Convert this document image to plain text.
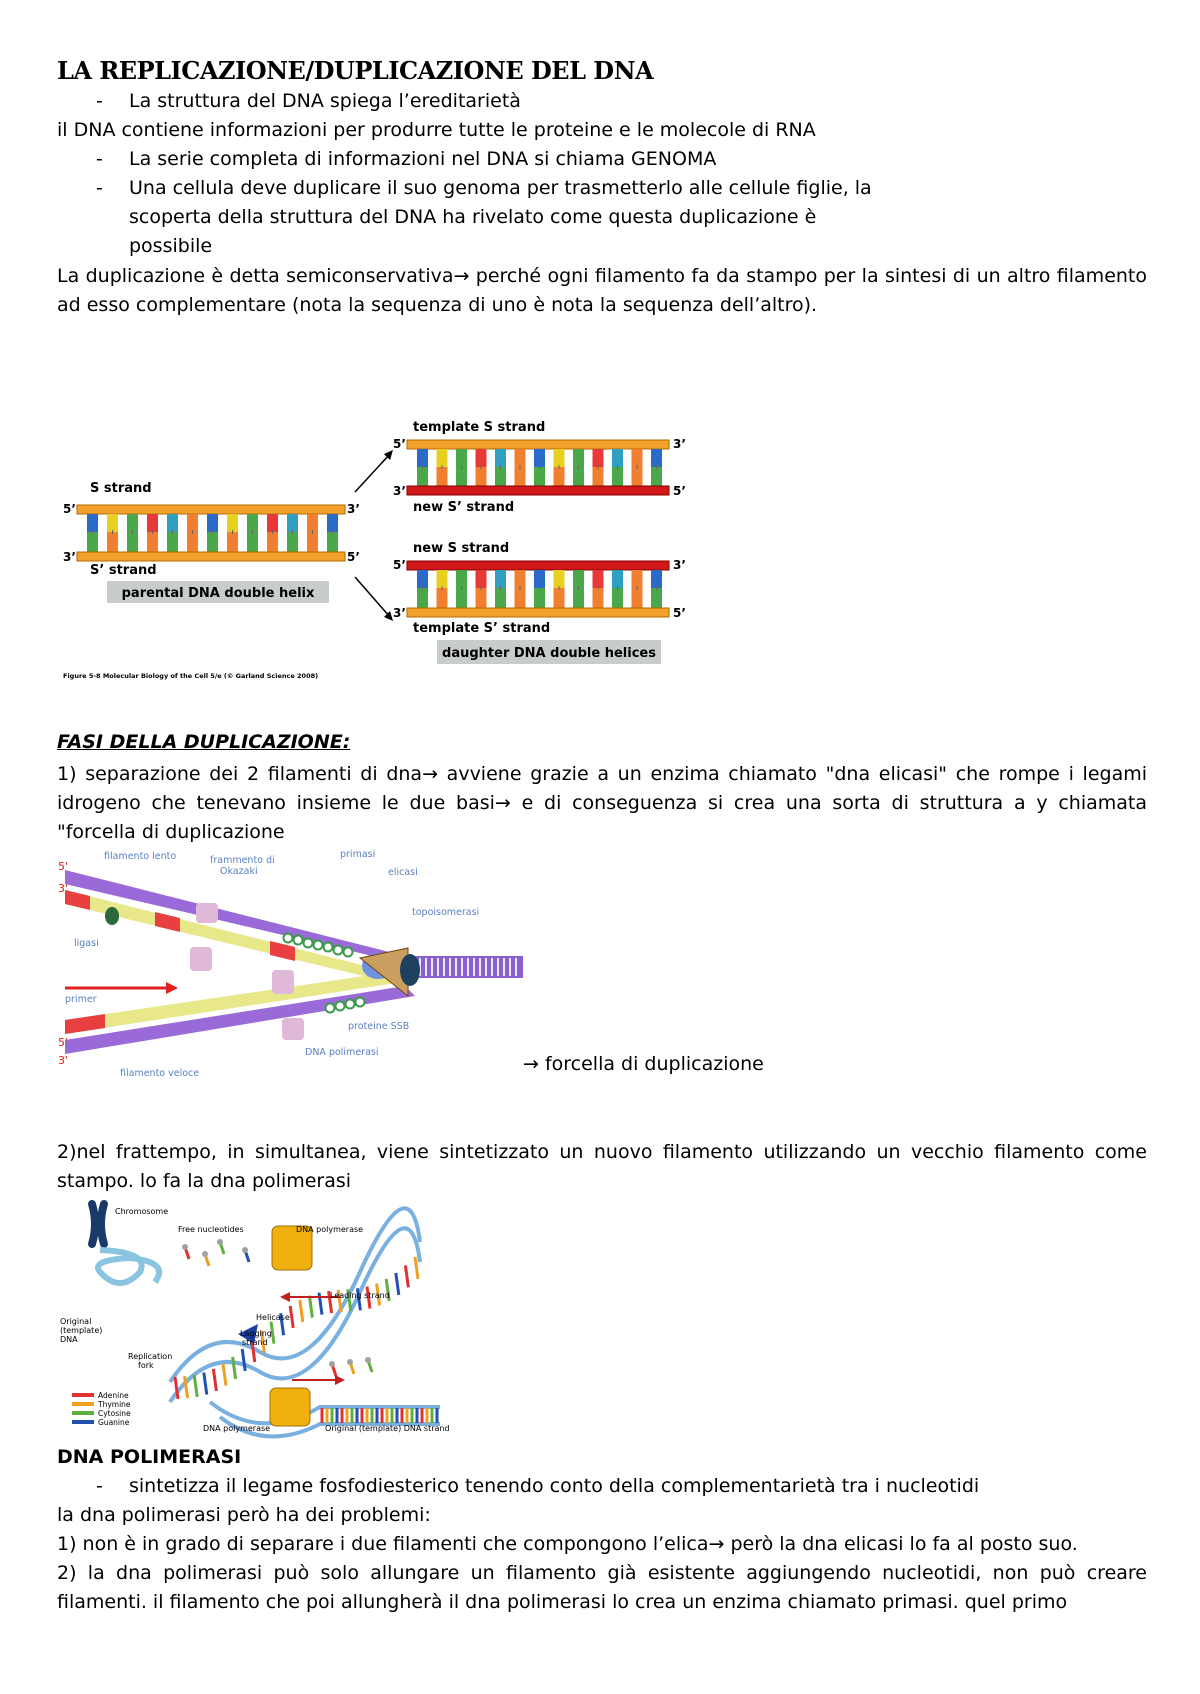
LA REPLICAZIONE/DUPLICAZIONE DEL DNA
- La struttura del DNA spiega l’ereditarietà
il DNA contiene informazioni per produrre tutte le proteine e le molecole di RNA
- La serie completa di informazioni nel DNA si chiama GENOMA
- Una cellula deve duplicare il suo genoma per trasmetterlo alle cellule figlie, la scoperta della struttura del DNA ha rivelato come questa duplicazione è possibile
La duplicazione è detta semiconservativa→ perché ogni filamento fa da stampo per la sintesi di un altro filamento ad esso complementare (nota la sequenza di uno è nota la sequenza dell’altro).
S strand
5’	3’
3’	5’
S’ strand
parental DNA double helix
template S strand
5’	3’
3’	5’
new S’ strand
new S strand
5’	3’
3’	5’
template S’ strand
daughter DNA double helices
Figure 5-8 Molecular Biology of the Cell 5/e (© Garland Science 2008)
FASI DELLA DUPLICAZIONE:
1) separazione dei 2 filamenti di dna→ avviene grazie a un enzima chiamato "dna elicasi" che rompe i legami idrogeno che tenevano insieme le due basi→ e di conseguenza si crea una sorta di struttura a y chiamata "forcella di duplicazione
filamento lento	frammento di
Okazaki
primasi
elicasi
topoisomerasi
ligasi
primer
proteine SSB
DNA polimerasi
filamento veloce
5'
3'
5'
3'	→ forcella di duplicazione
2)nel frattempo, in simultanea, viene sintetizzato un nuovo filamento utilizzando un vecchio filamento come stampo. lo fa la dna polimerasi
Chromosome
Free nucleotides	DNA polymerase
Leading strand
Helicase
Lagging
strand
Original
(template)
DNA
Replication
fork
DNA polymerase	Original (template) DNA strand
Adenine
Thymine
Cytosine
Guanine
DNA POLIMERASI
- sintetizza il legame fosfodiesterico tenendo conto della complementarietà tra i nucleotidi
la dna polimerasi però ha dei problemi:
1) non è in grado di separare i due filamenti che compongono l’elica→ però la dna elicasi lo fa al posto suo.
2) la dna polimerasi può solo allungare un filamento già esistente aggiungendo nucleotidi, non può creare filamenti. il filamento che poi allungherà il dna polimerasi lo crea un enzima chiamato primasi. quel primo
